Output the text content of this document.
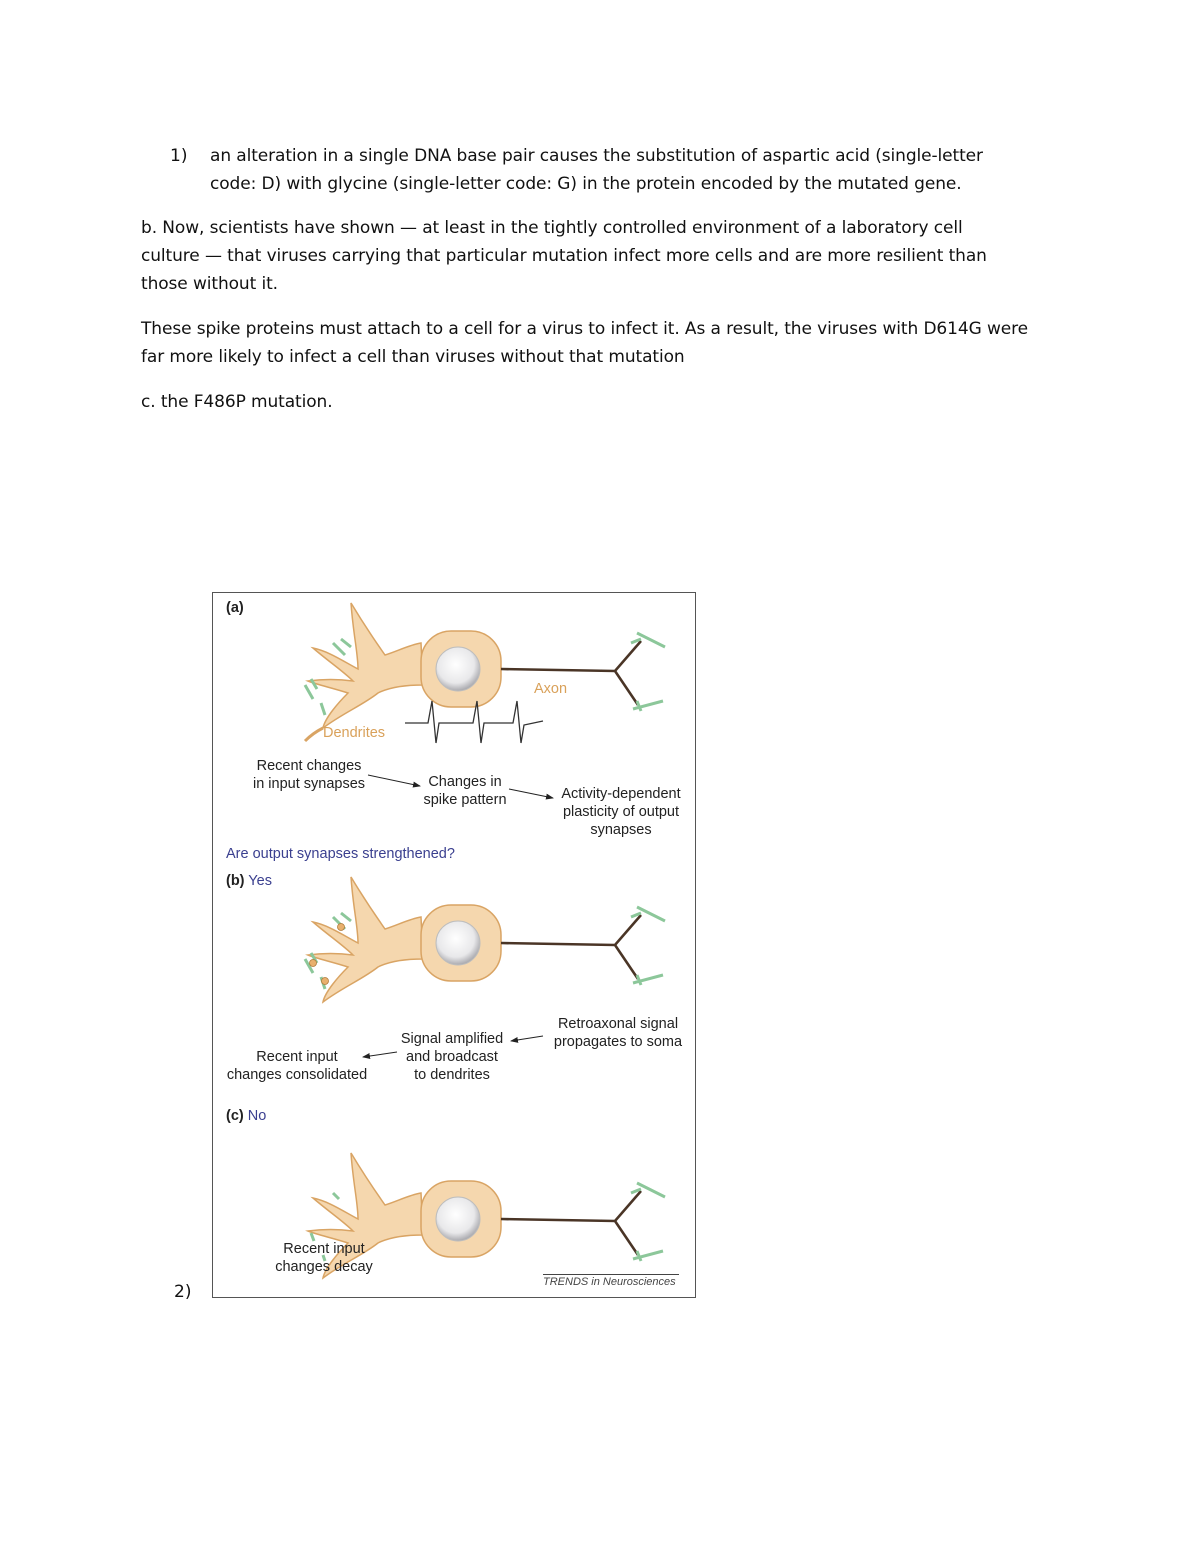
1) an alteration in a single DNA base pair causes the substitution of aspartic acid (single-letter
code: D) with glycine (single-letter code: G) in the protein encoded by the mutated gene.
b. Now, scientists have shown — at least in the tightly controlled environment of a laboratory cell
culture — that viruses carrying that particular mutation infect more cells and are more resilient than
those without it.
These spike proteins must attach to a cell for a virus to infect it. As a result, the viruses with D614G were
far more likely to infect a cell than viruses without that mutation
c. the F486P mutation.
2)
(a)
Axon
Dendrites
Recent changes
in input synapses	Changes in
spike pattern	Activity-dependent
plasticity of output
synapses
Are output synapses strengthened?
(b) Yes
Retroaxonal signal
propagates to soma
Signal amplified
and broadcast
to dendrites
Recent input
changes consolidated
(c) No
Recent input
changes decay
TRENDS in Neurosciences
